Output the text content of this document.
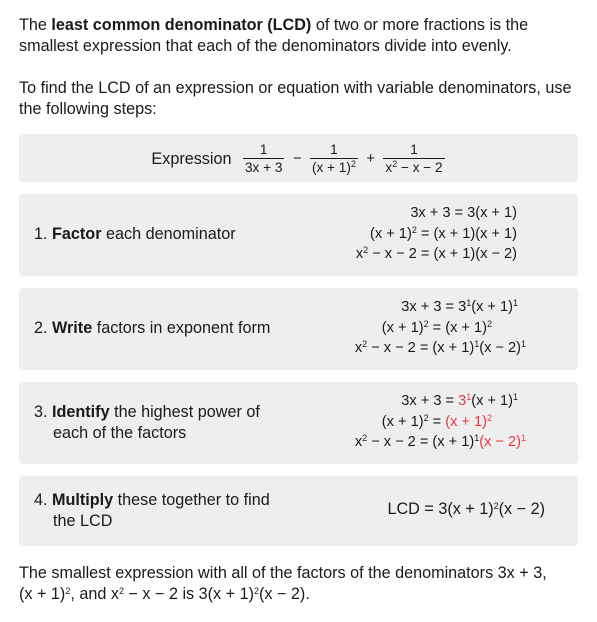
The least common denominator (LCD) of two or more fractions is the smallest expression that each of the denominators divide into evenly.

To find the LCD of an expression or equation with variable denominators, use the following steps:

Expression $\frac{1}{3x + 3} - \frac{1}{(x + 1)^2} + \frac{1}{x^2 - x - 2}$
1. Factor each denominator
3x + 3 = 3(x + 1)
$(x + 1)^2 = (x + 1)(x + 1)$
$x^2 - x - 2 = (x + 1)(x - 2)$
2. Write factors in exponent form
$3x + 3 = 3^1(x + 1)^1$
$(x + 1)^2 = (x + 1)^2$
$x^2 - x - 2 = (x + 1)^1(x - 2)^1$
3. Identify the highest power of
each of the factors
$3x + 3 = 3^1(x + 1)^1$
$(x + 1)^2 = (x + 1)^2$
$x^2 - x - 2 = (x + 1)^1(x - 2)^1$
4. Multiply these together to find
the LCD
LCD = $3(x + 1)^2(x - 2)$

The smallest expression with all of the factors of the denominators 3x + 3,
$(x + 1)^2$, and $x^2 - x - 2$ is $3(x + 1)^2(x - 2)$.
